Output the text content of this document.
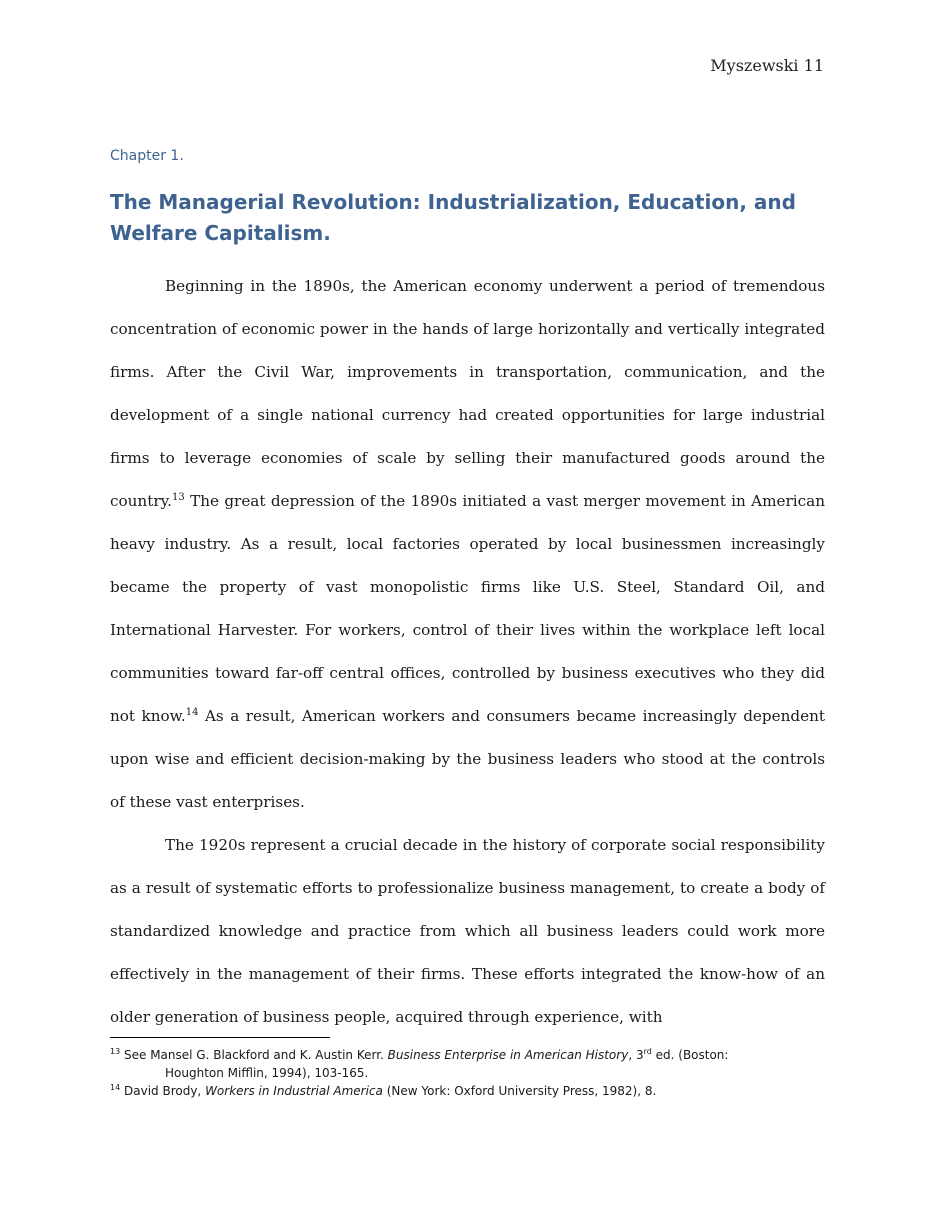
Myszewski 11
Chapter 1.
The Managerial Revolution: Industrialization, Education, and Welfare Capitalism.

Beginning in the 1890s, the American economy underwent a period of tremendous concentration of economic power in the hands of large horizontally and vertically integrated firms. After the Civil War, improvements in transportation, communication, and the development of a single national currency had created opportunities for large industrial firms to leverage economies of scale by selling their manufactured goods around the country.$^{13}$ The great depression of the 1890s initiated a vast merger movement in American heavy industry. As a result, local factories operated by local businessmen increasingly became the property of vast monopolistic firms like U.S. Steel, Standard Oil, and International Harvester. For workers, control of their lives within the workplace left local communities toward far-off central offices, controlled by business executives who they did not know.$^{14}$ As a result, American workers and consumers became increasingly dependent upon wise and efficient decision-making by the business leaders who stood at the controls of these vast enterprises.

The 1920s represent a crucial decade in the history of corporate social responsibility as a result of systematic efforts to professionalize business management, to create a body of standardized knowledge and practice from which all business leaders could work more effectively in the management of their firms. These efforts integrated the know-how of an older generation of business people, acquired through experience, with

$^{13}$ See Mansel G. Blackford and K. Austin Kerr. Business Enterprise in American History, 3rd ed. (Boston:
Houghton Mifflin, 1994), 103-165.

$^{14}$ David Brody, Workers in Industrial America (New York: Oxford University Press, 1982), 8.
